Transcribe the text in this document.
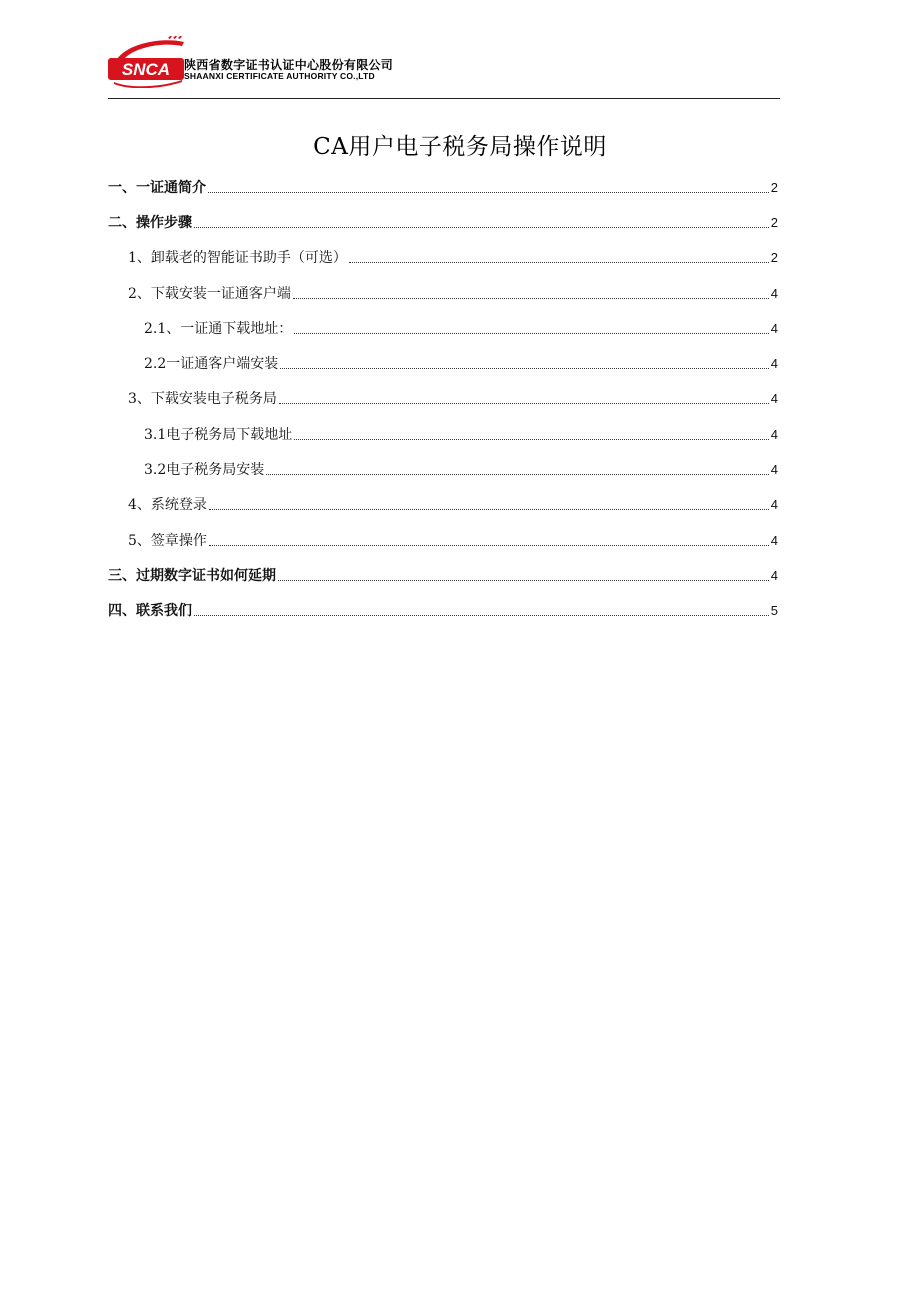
SNCA 陕西省数字证书认证中心股份有限公司
SHAANXI CERTIFICATE AUTHORITY CO.,LTD
CA用户电子税务局操作说明
一、一证通简介	2
二、操作步骤	2
1、卸载老的智能证书助手（可选）	2
2、下载安装一证通客户端	4
2.1、一证通下载地址：	4
2.2一证通客户端安装	4
3、下载安装电子税务局	4
3.1电子税务局下载地址	4
3.2电子税务局安装	4
4、系统登录	4
5、签章操作	4
三、过期数字证书如何延期	4
四、联系我们	5
